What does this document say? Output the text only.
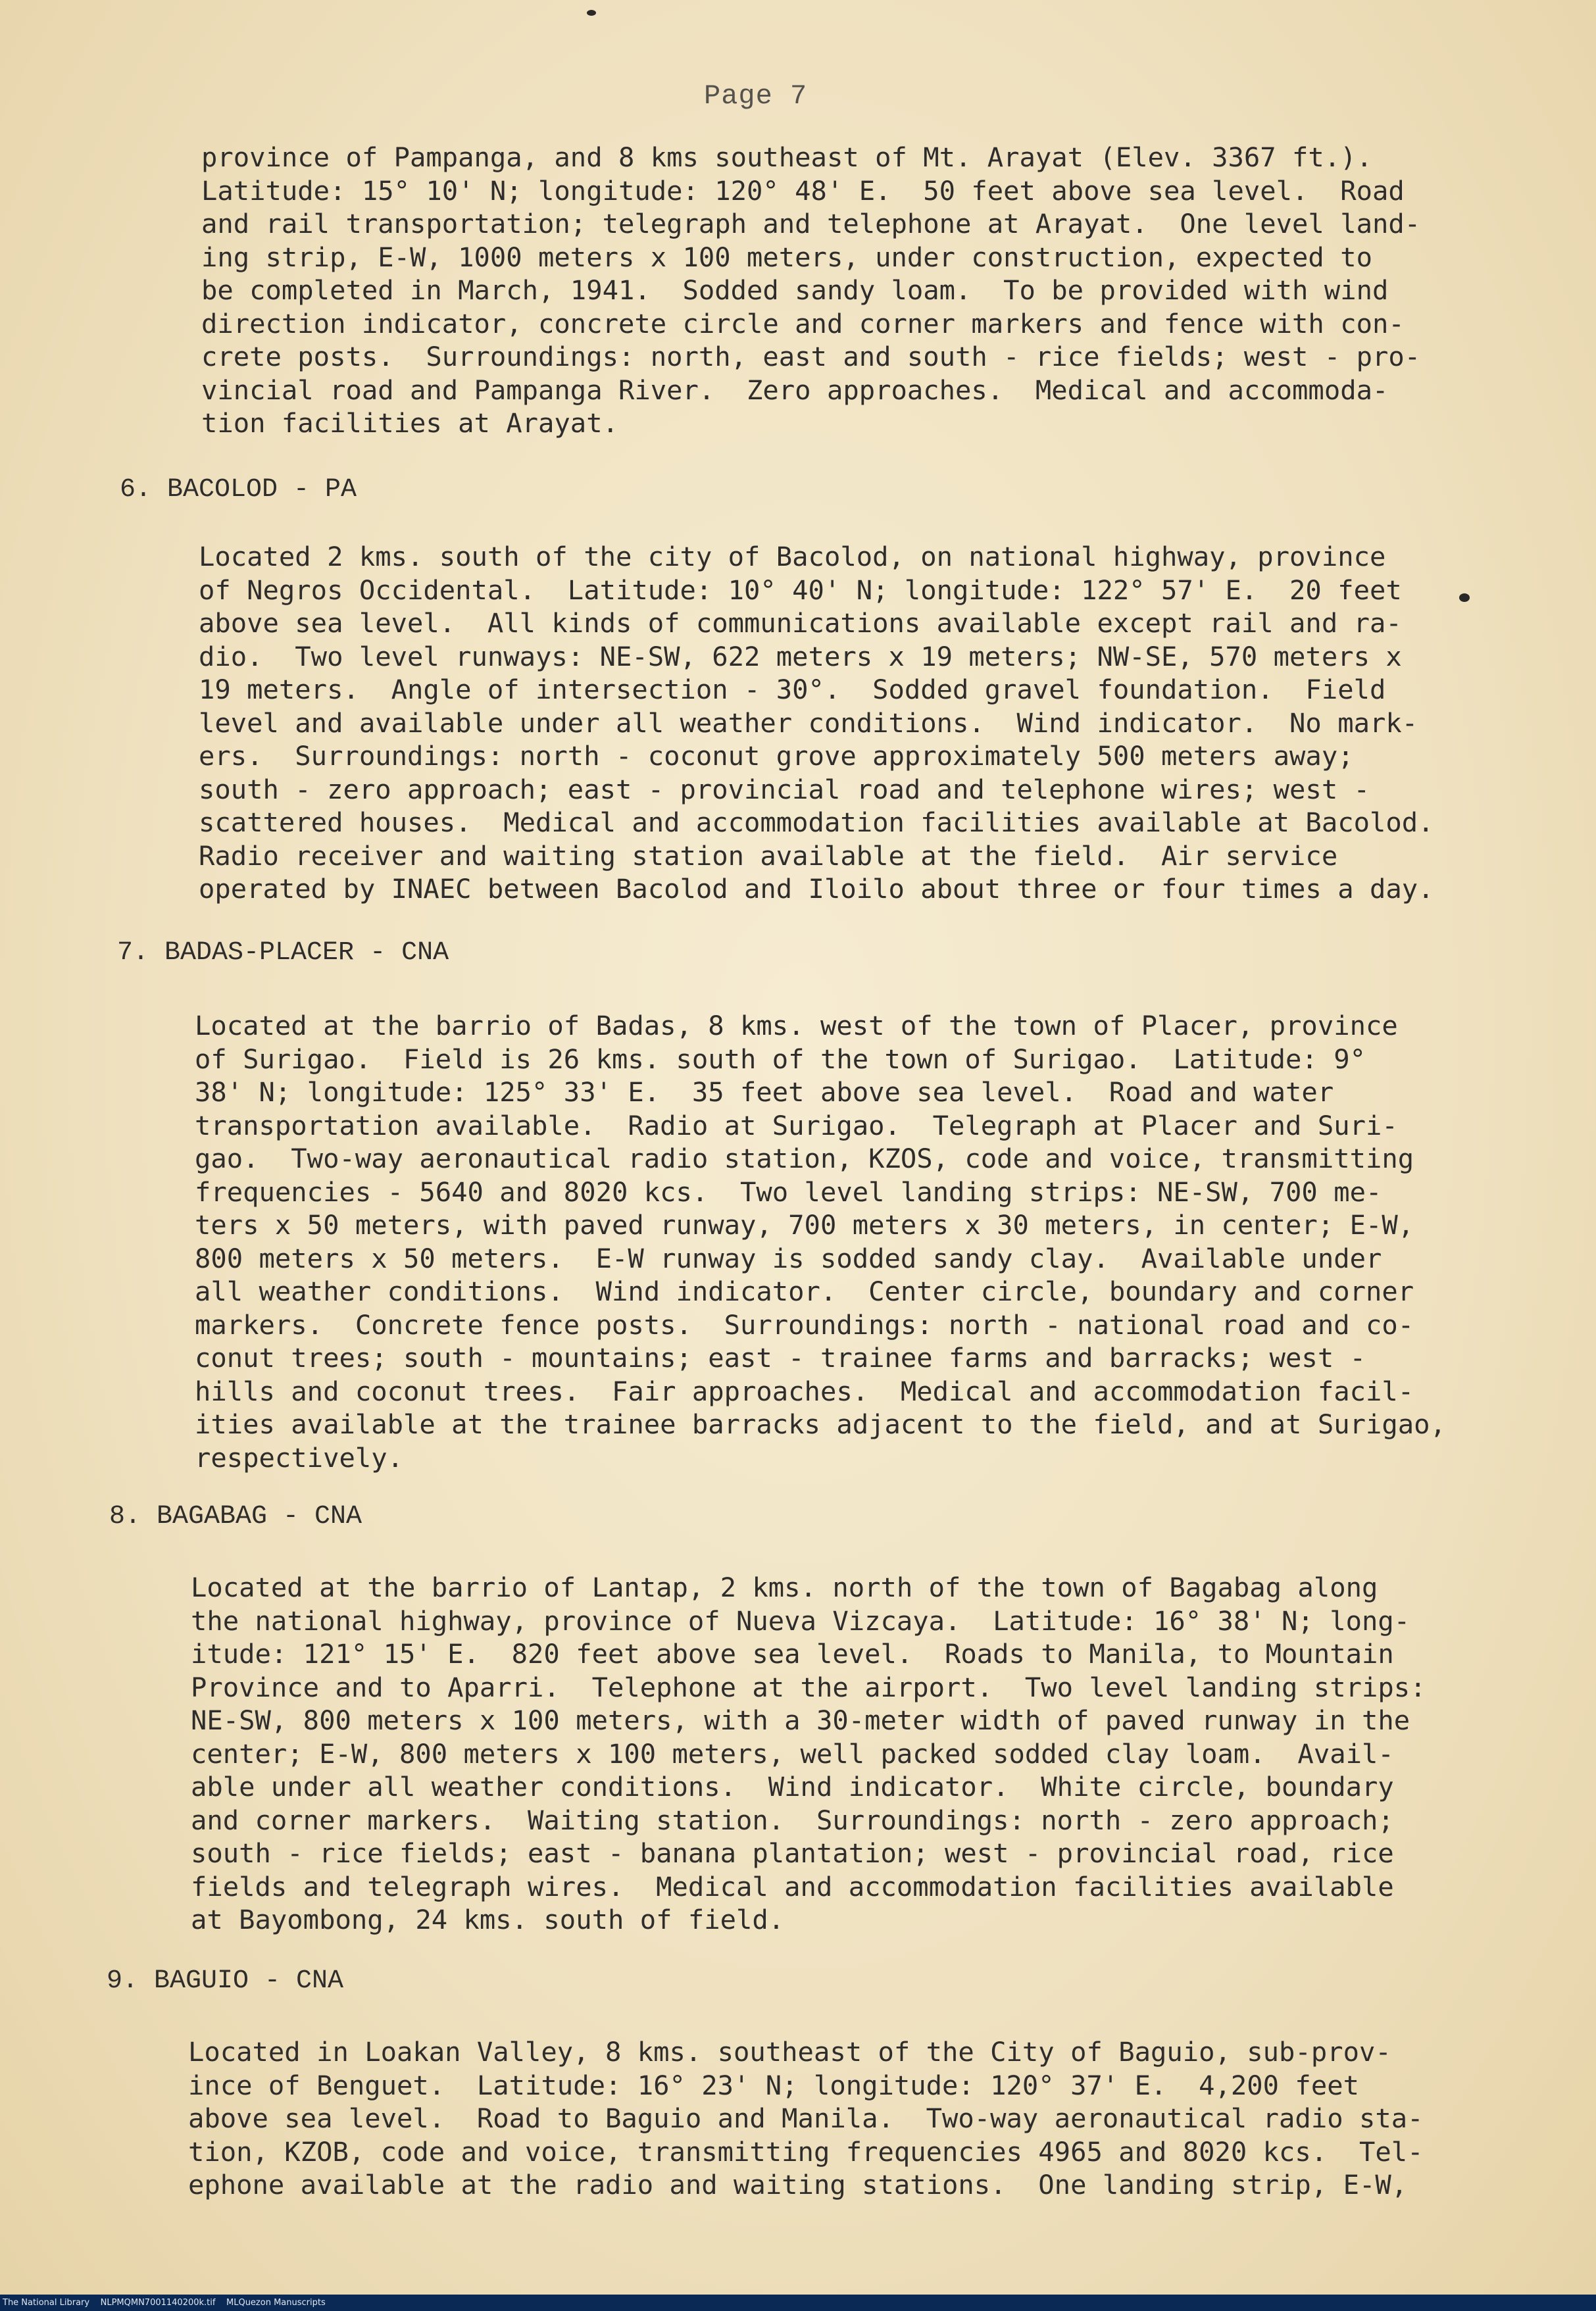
Page 7
province of Pampanga, and 8 kms southeast of Mt. Arayat (Elev. 3367 ft.).
Latitude: 15° 10' N; longitude: 120° 48' E.  50 feet above sea level.  Road
and rail transportation; telegraph and telephone at Arayat.  One level land-
ing strip, E-W, 1000 meters x 100 meters, under construction, expected to
be completed in March, 1941.  Sodded sandy loam.  To be provided with wind
direction indicator, concrete circle and corner markers and fence with con-
crete posts.  Surroundings: north, east and south - rice fields; west - pro-
vincial road and Pampanga River.  Zero approaches.  Medical and accommoda-
tion facilities at Arayat.
6. BACOLOD - PA
Located 2 kms. south of the city of Bacolod, on national highway, province
of Negros Occidental.  Latitude: 10° 40' N; longitude: 122° 57' E.  20 feet
above sea level.  All kinds of communications available except rail and ra-
dio.  Two level runways: NE-SW, 622 meters x 19 meters; NW-SE, 570 meters x
19 meters.  Angle of intersection - 30°.  Sodded gravel foundation.  Field
level and available under all weather conditions.  Wind indicator.  No mark-
ers.  Surroundings: north - coconut grove approximately 500 meters away;
south - zero approach; east - provincial road and telephone wires; west -
scattered houses.  Medical and accommodation facilities available at Bacolod.
Radio receiver and waiting station available at the field.  Air service
operated by INAEC between Bacolod and Iloilo about three or four times a day.
7. BADAS-PLACER - CNA
Located at the barrio of Badas, 8 kms. west of the town of Placer, province
of Surigao.  Field is 26 kms. south of the town of Surigao.  Latitude: 9°
38' N; longitude: 125° 33' E.  35 feet above sea level.  Road and water
transportation available.  Radio at Surigao.  Telegraph at Placer and Suri-
gao.  Two-way aeronautical radio station, KZOS, code and voice, transmitting
frequencies - 5640 and 8020 kcs.  Two level landing strips: NE-SW, 700 me-
ters x 50 meters, with paved runway, 700 meters x 30 meters, in center; E-W,
800 meters x 50 meters.  E-W runway is sodded sandy clay.  Available under
all weather conditions.  Wind indicator.  Center circle, boundary and corner
markers.  Concrete fence posts.  Surroundings: north - national road and co-
conut trees; south - mountains; east - trainee farms and barracks; west -
hills and coconut trees.  Fair approaches.  Medical and accommodation facil-
ities available at the trainee barracks adjacent to the field, and at Surigao,
respectively.
8. BAGABAG - CNA
Located at the barrio of Lantap, 2 kms. north of the town of Bagabag along
the national highway, province of Nueva Vizcaya.  Latitude: 16° 38' N; long-
itude: 121° 15' E.  820 feet above sea level.  Roads to Manila, to Mountain
Province and to Aparri.  Telephone at the airport.  Two level landing strips:
NE-SW, 800 meters x 100 meters, with a 30-meter width of paved runway in the
center; E-W, 800 meters x 100 meters, well packed sodded clay loam.  Avail-
able under all weather conditions.  Wind indicator.  White circle, boundary
and corner markers.  Waiting station.  Surroundings: north - zero approach;
south - rice fields; east - banana plantation; west - provincial road, rice
fields and telegraph wires.  Medical and accommodation facilities available
at Bayombong, 24 kms. south of field.
9. BAGUIO - CNA
Located in Loakan Valley, 8 kms. southeast of the City of Baguio, sub-prov-
ince of Benguet.  Latitude: 16° 23' N; longitude: 120° 37' E.  4,200 feet
above sea level.  Road to Baguio and Manila.  Two-way aeronautical radio sta-
tion, KZOB, code and voice, transmitting frequencies 4965 and 8020 kcs.  Tel-
ephone available at the radio and waiting stations.  One landing strip, E-W,
The National Library NLPMQMN7001140200k.tif MLQuezon Manuscripts
